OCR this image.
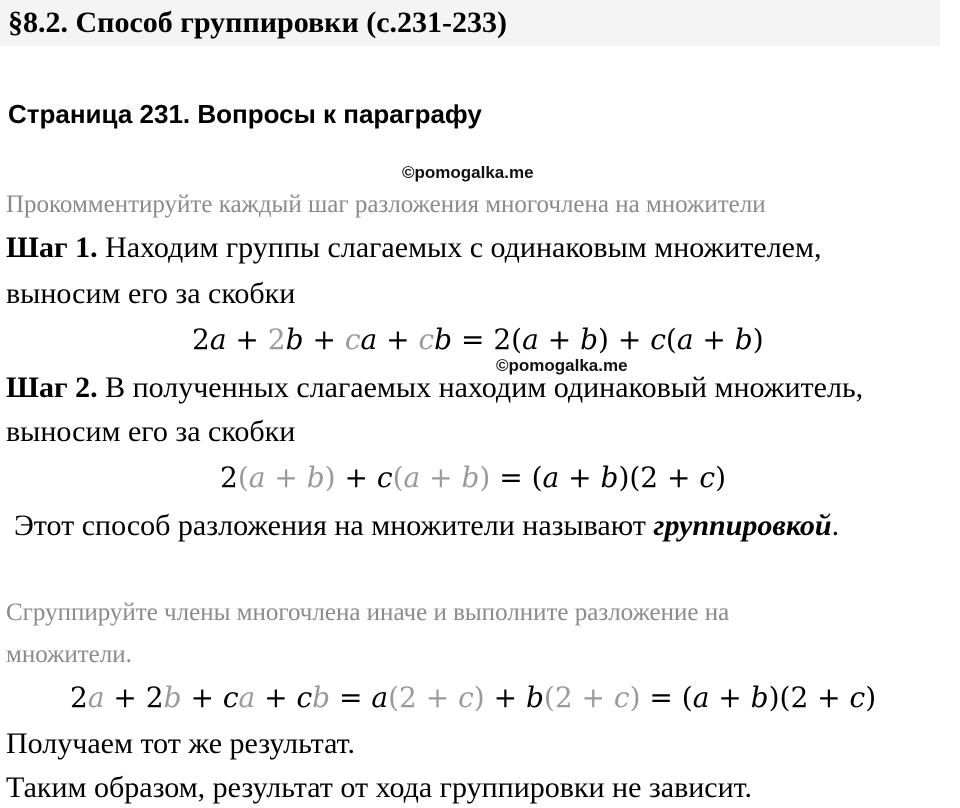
§8.2. Способ группировки (с.231-233)
Страница 231. Вопросы к параграфу
©pomogalka.me
Прокомментируйте каждый шаг разложения многочлена на множители
Шаг 1. Находим группы слагаемых с одинаковым множителем,
выносим его за скобки
2a + 2b + ca + cb = 2(a + b) + c(a + b)
©pomogalka.me
Шаг 2. В полученных слагаемых находим одинаковый множитель,
выносим его за скобки
2(a + b) + c(a + b) = (a + b)(2 + c)
Этот способ разложения на множители называют группировкой.
Сгруппируйте члены многочлена иначе и выполните разложение на
множители.
2a + 2b + ca + cb = a(2 + c) + b(2 + c) = (a + b)(2 + c)
Получаем тот же результат.
Таким образом, результат от хода группировки не зависит.
